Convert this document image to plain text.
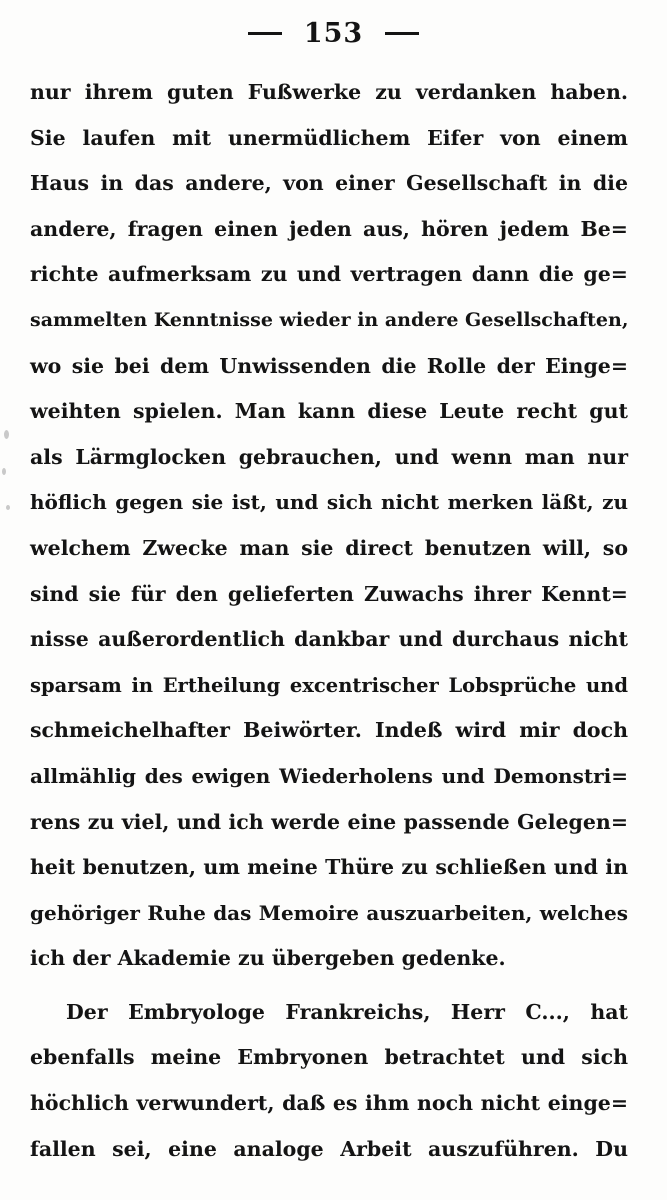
153
nur ihrem guten Fußwerke zu verdanken haben.
Sie laufen mit unermüdlichem Eifer von einem
Haus in das andere, von einer Gesellschaft in die
andere, fragen einen jeden aus, hören jedem Be=
richte aufmerksam zu und vertragen dann die ge=
sammelten Kenntnisse wieder in andere Gesellschaften,
wo sie bei dem Unwissenden die Rolle der Einge=
weihten spielen. Man kann diese Leute recht gut
als Lärmglocken gebrauchen, und wenn man nur
höflich gegen sie ist, und sich nicht merken läßt, zu
welchem Zwecke man sie direct benutzen will, so
sind sie für den gelieferten Zuwachs ihrer Kennt=
nisse außerordentlich dankbar und durchaus nicht
sparsam in Ertheilung excentrischer Lobsprüche und
schmeichelhafter Beiwörter. Indeß wird mir doch
allmählig des ewigen Wiederholens und Demonstri=
rens zu viel, und ich werde eine passende Gelegen=
heit benutzen, um meine Thüre zu schließen und in
gehöriger Ruhe das Memoire auszuarbeiten, welches
ich der Akademie zu übergeben gedenke.
Der Embryologe Frankreichs, Herr C..., hat
ebenfalls meine Embryonen betrachtet und sich
höchlich verwundert, daß es ihm noch nicht einge=
fallen sei, eine analoge Arbeit auszuführen. Du
